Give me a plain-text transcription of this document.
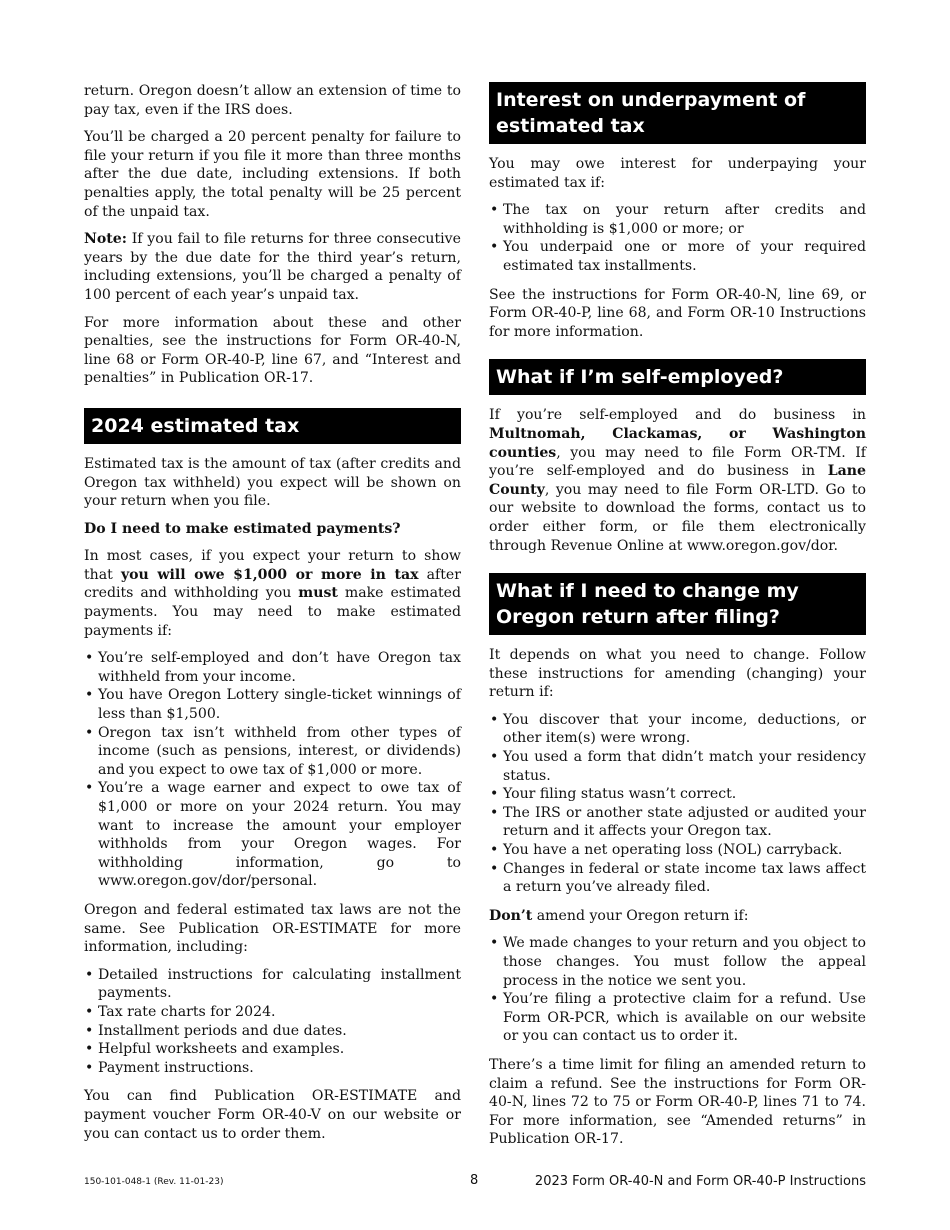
return. Oregon doesn’t allow an extension of time to pay tax, even if the IRS does.

You’ll be charged a 20 percent penalty for failure to file your return if you file it more than three months after the due date, including extensions. If both penalties apply, the total penalty will be 25 percent of the unpaid tax.

Note: If you fail to file returns for three consecutive years by the due date for the third year’s return, including extensions, you’ll be charged a penalty of 100 percent of each year’s unpaid tax.

For more information about these and other penalties, see the instructions for Form OR-40-N, line 68 or Form OR-40-P, line 67, and “Interest and penalties” in Publication OR-17.

2024 estimated tax

Estimated tax is the amount of tax (after credits and Oregon tax withheld) you expect will be shown on your return when you file.

Do I need to make estimated payments?

In most cases, if you expect your return to show that you will owe $1,000 or more in tax after credits and withholding you must make estimated payments. You may need to make estimated payments if:

• You’re self-employed and don’t have Oregon tax withheld from your income.
• You have Oregon Lottery single-ticket winnings of less than $1,500.
• Oregon tax isn’t withheld from other types of income (such as pensions, interest, or dividends) and you expect to owe tax of $1,000 or more.
• You’re a wage earner and expect to owe tax of $1,000 or more on your 2024 return. You may want to increase the amount your employer withholds from your Oregon wages. For withholding information, go to www.oregon.gov/dor/personal.

Oregon and federal estimated tax laws are not the same. See Publication OR-ESTIMATE for more information, including:

• Detailed instructions for calculating installment payments.
• Tax rate charts for 2024.
• Installment periods and due dates.
• Helpful worksheets and examples.
• Payment instructions.

You can find Publication OR-ESTIMATE and payment voucher Form OR-40-V on our website or you can contact us to order them.

Interest on underpayment of estimated tax

You may owe interest for underpaying your estimated tax if:

• The tax on your return after credits and withholding is $1,000 or more; or
• You underpaid one or more of your required estimated tax installments.

See the instructions for Form OR-40-N, line 69, or Form OR-40-P, line 68, and Form OR-10 Instructions for more information.

What if I’m self-employed?

If you’re self-employed and do business in Multnomah, Clackamas, or Washington counties, you may need to file Form OR-TM. If you’re self-employed and do business in Lane County, you may need to file Form OR-LTD. Go to our website to download the forms, contact us to order either form, or file them electronically through Revenue Online at www.oregon.gov/dor.

What if I need to change my Oregon return after filing?

It depends on what you need to change. Follow these instructions for amending (changing) your return if:

• You discover that your income, deductions, or other item(s) were wrong.
• You used a form that didn’t match your residency status.
• Your filing status wasn’t correct.
• The IRS or another state adjusted or audited your return and it affects your Oregon tax.
• You have a net operating loss (NOL) carryback.
• Changes in federal or state income tax laws affect a return you’ve already filed.

Don’t amend your Oregon return if:

• We made changes to your return and you object to those changes. You must follow the appeal process in the notice we sent you.
• You’re filing a protective claim for a refund. Use Form OR-PCR, which is available on our website or you can contact us to order it.

There’s a time limit for filing an amended return to claim a refund. See the instructions for Form OR-40-N, lines 72 to 75 or Form OR-40-P, lines 71 to 74. For more information, see “Amended returns” in Publication OR-17.

150-101-048-1 (Rev. 11-01-23)	8	2023 Form OR-40-N and Form OR-40-P Instructions
